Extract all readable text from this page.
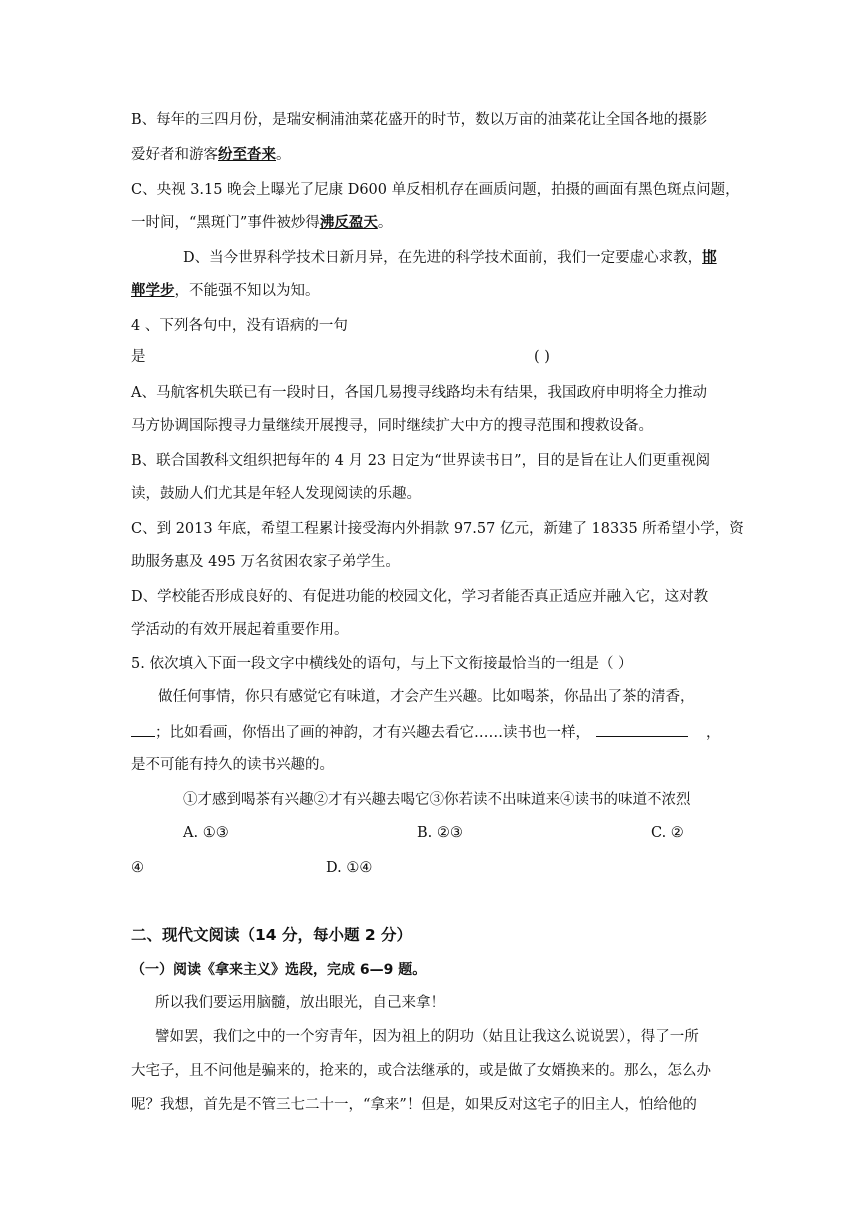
B、每年的三四月份，是瑞安桐浦油菜花盛开的时节，数以万亩的油菜花让全国各地的摄影
爱好者和游客纷至沓来。
C、央视 3.15 晚会上曝光了尼康 D600 单反相机存在画质问题，拍摄的画面有黑色斑点问题，
一时间，“黑斑门”事件被炒得沸反盈天。
D、当今世界科学技术日新月异，在先进的科学技术面前，我们一定要虚心求教，邯
郸学步，不能强不知以为知。
4 、下列各句中，没有语病的一句
是	( )
A、马航客机失联已有一段时日，各国几易搜寻线路均未有结果，我国政府申明将全力推动
马方协调国际搜寻力量继续开展搜寻，同时继续扩大中方的搜寻范围和搜救设备。
B、联合国教科文组织把每年的 4 月 23 日定为“世界读书日”，目的是旨在让人们更重视阅
读，鼓励人们尤其是年轻人发现阅读的乐趣。
C、到 2013 年底，希望工程累计接受海内外捐款 97.57 亿元，新建了 18335 所希望小学，资
助服务惠及 495 万名贫困农家子弟学生。
D、学校能否形成良好的、有促进功能的校园文化，学习者能否真正适应并融入它，这对教
学活动的有效开展起着重要作用。
5. 依次填入下面一段文字中横线处的语句，与上下文衔接最恰当的一组是（ ）
做任何事情，你只有感觉它有味道，才会产生兴趣。比如喝茶，你品出了茶的清香，
；比如看画，你悟出了画的神韵，才有兴趣去看它……读书也一样，	，
是不可能有持久的读书兴趣的。
①才感到喝茶有兴趣②才有兴趣去喝它③你若读不出味道来④读书的味道不浓烈
A. ①③	B. ②③	C. ②
④	D. ①④
二、现代文阅读（14 分，每小题 2 分）
（一）阅读《拿来主义》选段，完成 6—9 题。
所以我们要运用脑髓，放出眼光，自己来拿！
譬如罢，我们之中的一个穷青年，因为祖上的阴功（姑且让我这么说说罢），得了一所
大宅子，且不问他是骗来的，抢来的，或合法继承的，或是做了女婿换来的。那么，怎么办
呢？我想，首先是不管三七二十一，“拿来”！但是，如果反对这宅子的旧主人，怕给他的
